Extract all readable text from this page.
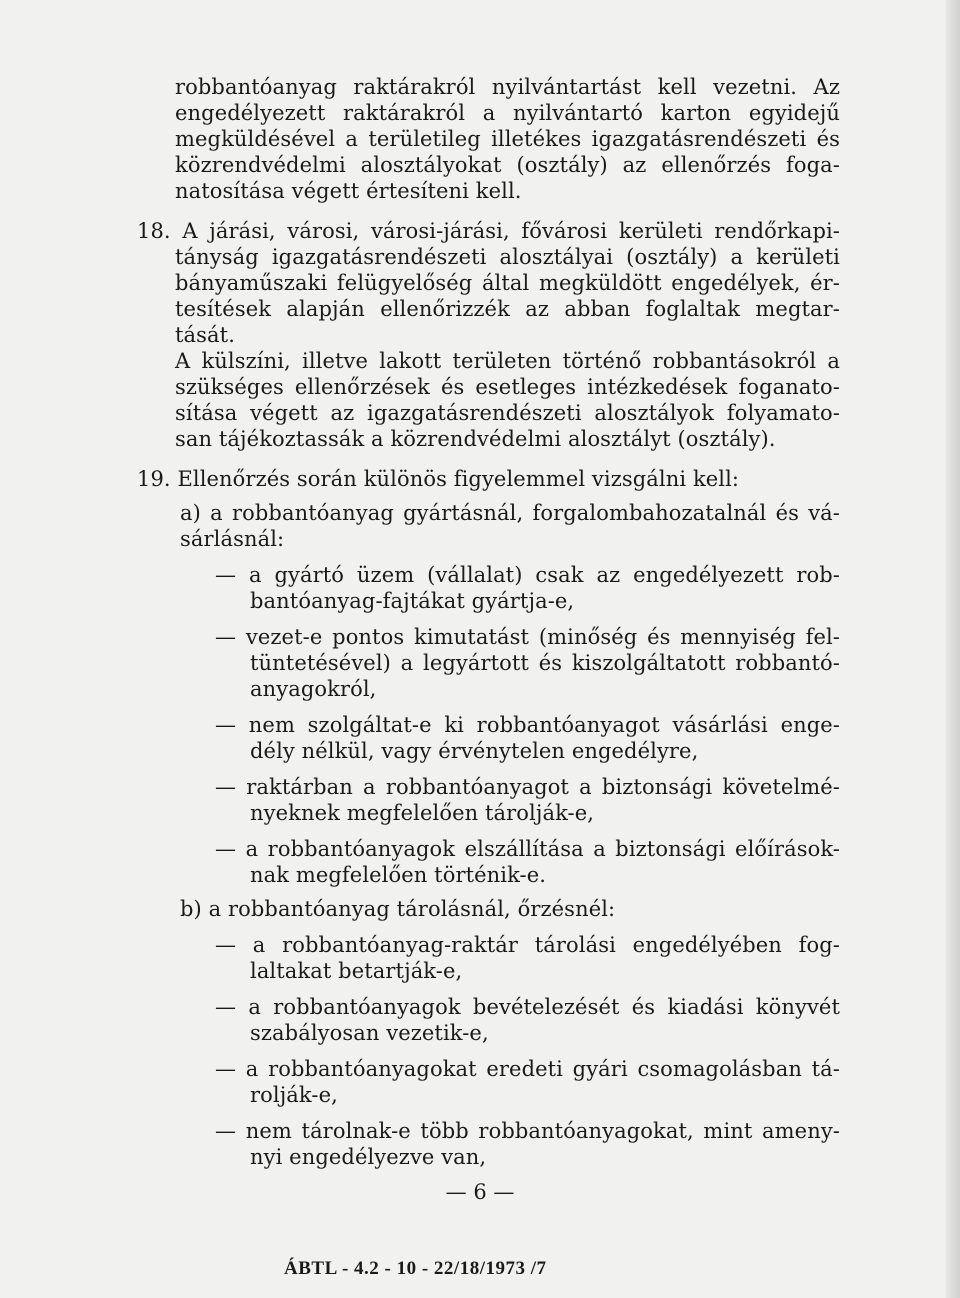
robbantóanyag raktárakról nyilvántartást kell vezetni. Az
engedélyezett raktárakról a nyilvántartó karton egyidejű
megküldésével a területileg illetékes igazgatásrendészeti és
közrendvédelmi alosztályokat (osztály) az ellenőrzés foga-
natosítása végett értesíteni kell.
18. A járási, városi, városi-járási, fővárosi kerületi rendőrkapi-
tányság igazgatásrendészeti alosztályai (osztály) a kerületi
bányaműszaki felügyelőség által megküldött engedélyek, ér-
tesítések alapján ellenőrizzék az abban foglaltak megtar-
tását.
A külszíni, illetve lakott területen történő robbantásokról a
szükséges ellenőrzések és esetleges intézkedések foganato-
sítása végett az igazgatásrendészeti alosztályok folyamato-
san tájékoztassák a közrendvédelmi alosztályt (osztály).
19. Ellenőrzés során különös figyelemmel vizsgálni kell:
a) a robbantóanyag gyártásnál, forgalombahozatalnál és vá-
sárlásnál:
— a gyártó üzem (vállalat) csak az engedélyezett rob-
bantóanyag-fajtákat gyártja-e,
— vezet-e pontos kimutatást (minőség és mennyiség fel-
tüntetésével) a legyártott és kiszolgáltatott robbantó-
anyagokról,
— nem szolgáltat-e ki robbantóanyagot vásárlási enge-
dély nélkül, vagy érvénytelen engedélyre,
— raktárban a robbantóanyagot a biztonsági követelmé-
nyeknek megfelelően tárolják-e,
— a robbantóanyagok elszállítása a biztonsági előírások-
nak megfelelően történik-e.
b) a robbantóanyag tárolásnál, őrzésnél:
— a robbantóanyag-raktár tárolási engedélyében fog-
laltakat betartják-e,
— a robbantóanyagok bevételezését és kiadási könyvét
szabályosan vezetik-e,
— a robbantóanyagokat eredeti gyári csomagolásban tá-
rolják-e,
— nem tárolnak-e több robbantóanyagokat, mint ameny-
nyi engedélyezve van,
— 6 —
ÁBTL - 4.2 - 10 - 22/18/1973 /7
